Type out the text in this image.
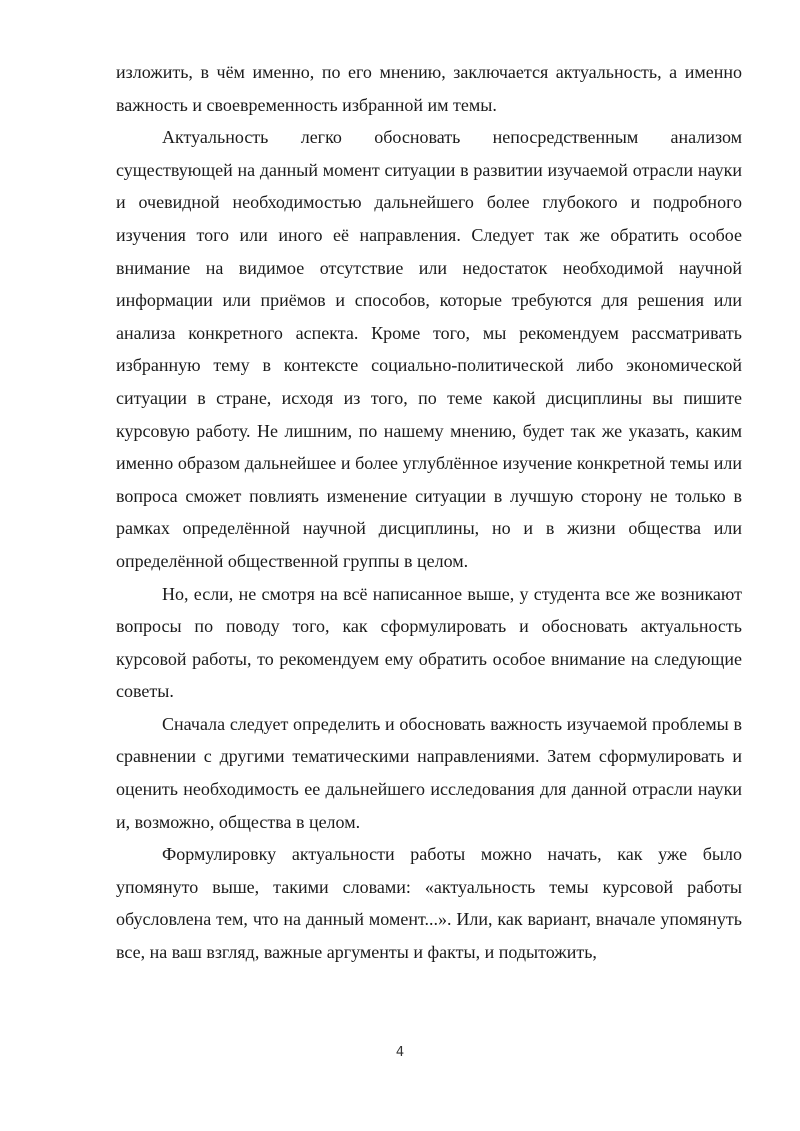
изложить, в чём именно, по его мнению, заключается актуальность, а именно важность и своевременность избранной им темы.

Актуальность легко обосновать непосредственным анализом существующей на данный момент ситуации в развитии изучаемой отрасли науки и очевидной необходимостью дальнейшего более глубокого и подробного изучения того или иного её направления. Следует так же обратить особое внимание на видимое отсутствие или недостаток необходимой научной информации или приёмов и способов, которые требуются для решения или анализа конкретного аспекта. Кроме того, мы рекомендуем рассматривать избранную тему в контексте социально-политической либо экономической ситуации в стране, исходя из того, по теме какой дисциплины вы пишите курсовую работу. Не лишним, по нашему мнению, будет так же указать, каким именно образом дальнейшее и более углублённое изучение конкретной темы или вопроса сможет повлиять изменение ситуации в лучшую сторону не только в рамках определённой научной дисциплины, но и в жизни общества или определённой общественной группы в целом.

Но, если, не смотря на всё написанное выше, у студента все же возникают вопросы по поводу того, как сформулировать и обосновать актуальность курсовой работы, то рекомендуем ему обратить особое внимание на следующие советы.

Сначала следует определить и обосновать важность изучаемой проблемы в сравнении с другими тематическими направлениями. Затем сформулировать и оценить необходимость ее дальнейшего исследования для данной отрасли науки и, возможно, общества в целом.

Формулировку актуальности работы можно начать, как уже было упомянуто выше, такими словами: «актуальность темы курсовой работы обусловлена тем, что на данный момент...». Или, как вариант, вначале упомянуть все, на ваш взгляд, важные аргументы и факты, и подытожить,

4
